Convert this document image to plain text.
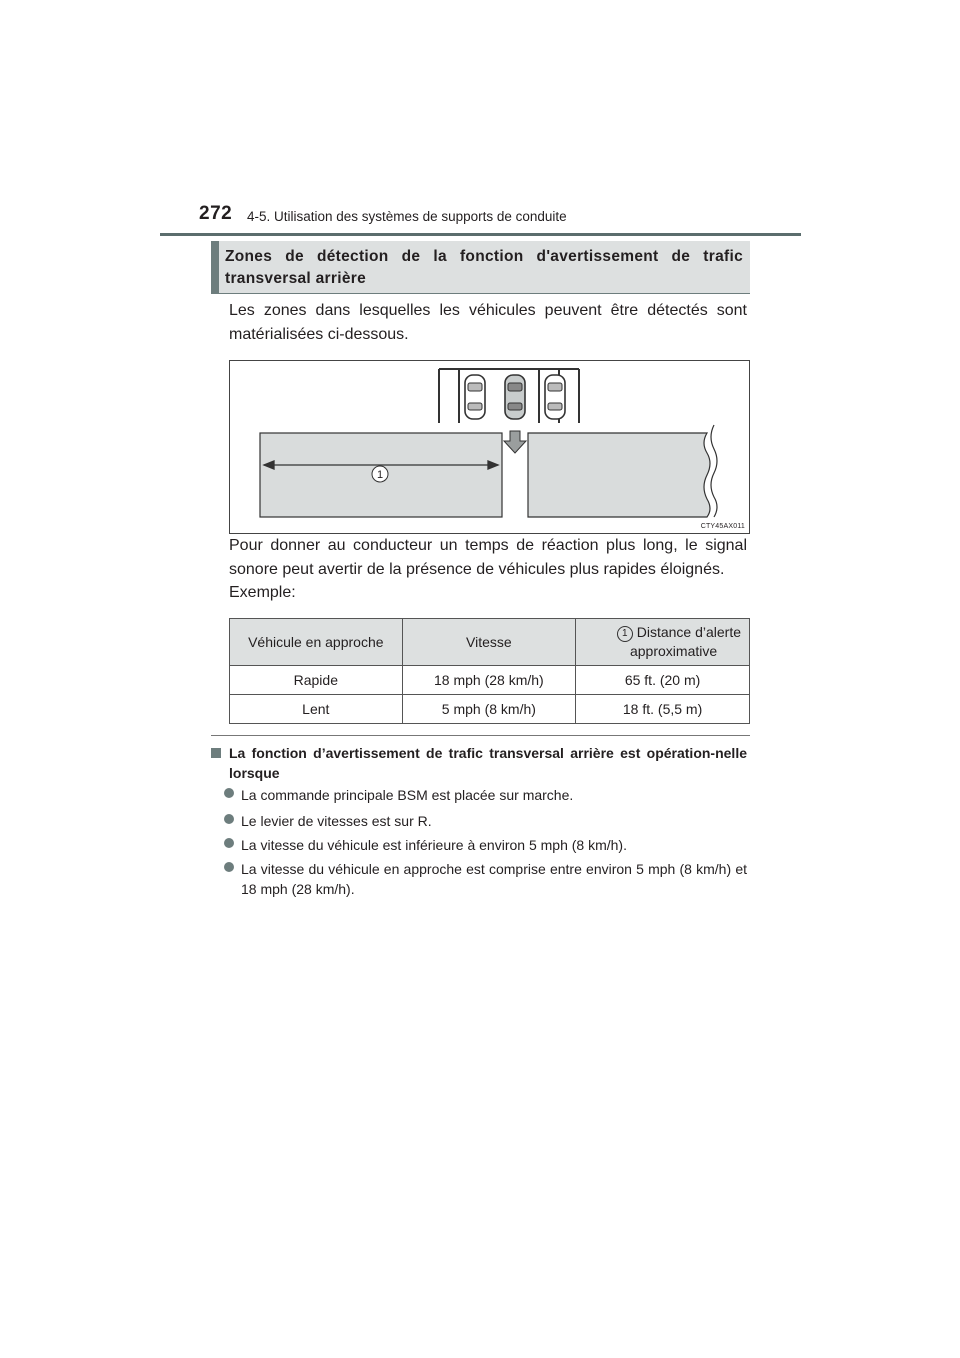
272 4-5. Utilisation des systèmes de supports de conduite
Zones de détection de la fonction d'avertissement de trafic transversal arrière
Les zones dans lesquelles les véhicules peuvent être détectés sont matérialisées ci-dessous.
1
CTY45AX011
Pour donner au conducteur un temps de réaction plus long, le signal sonore peut avertir de la présence de véhicules plus rapides éloignés.
Exemple:
Véhicule en approche	Vitesse	1 Distance d’alerte
approximative

Rapide	18 mph (28 km/h)	65 ft. (20 m)
Lent	5 mph (8 km/h)	18 ft. (5,5 m)
La fonction d’avertissement de trafic transversal arrière est opération-nelle lorsque
La commande principale BSM est placée sur marche.
Le levier de vitesses est sur R.
La vitesse du véhicule est inférieure à environ 5 mph (8 km/h).
La vitesse du véhicule en approche est comprise entre environ 5 mph (8 km/h) et 18 mph (28 km/h).
